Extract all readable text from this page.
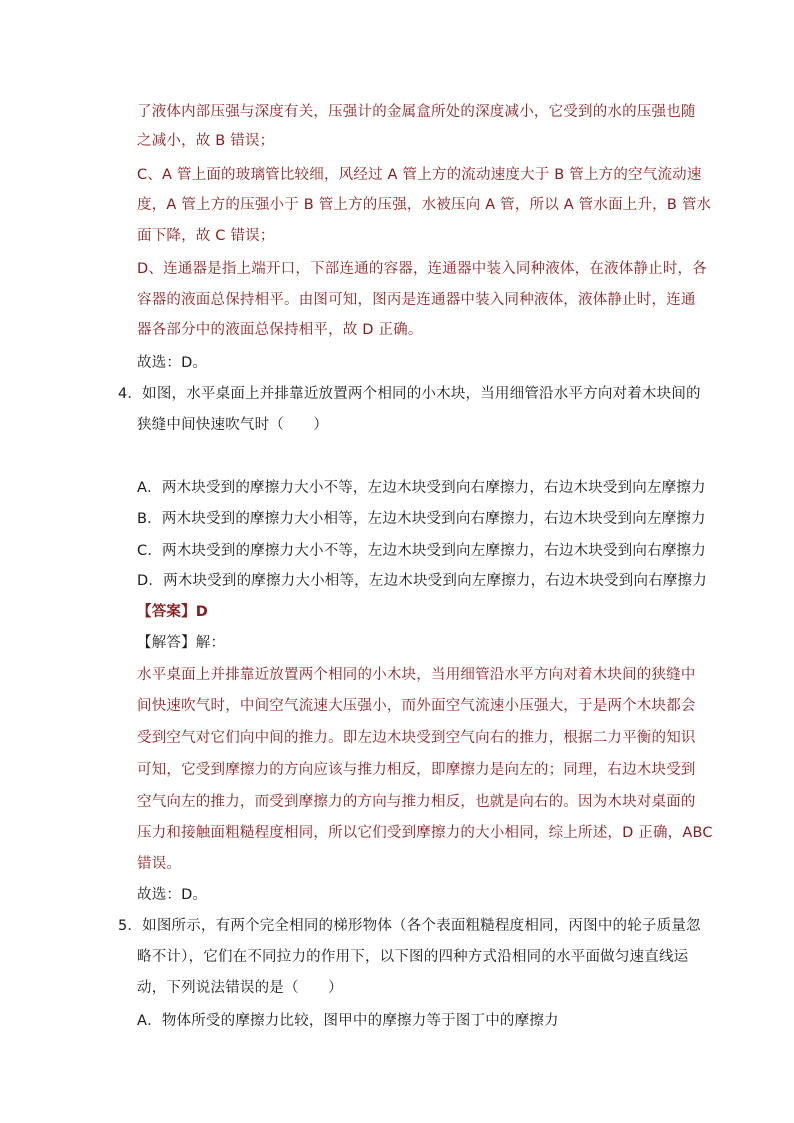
了液体内部压强与深度有关，压强计的金属盒所处的深度减小，它受到的水的压强也随
之减小，故 B 错误；
C、A 管上面的玻璃管比较细，风经过 A 管上方的流动速度大于 B 管上方的空气流动速
度，A 管上方的压强小于 B 管上方的压强，水被压向 A 管，所以 A 管水面上升，B 管水
面下降，故 C 错误；
D、连通器是指上端开口，下部连通的容器，连通器中装入同种液体，在液体静止时，各
容器的液面总保持相平。由图可知，图丙是连通器中装入同种液体，液体静止时，连通
器各部分中的液面总保持相平，故 D 正确。
故选：D。
4．如图，水平桌面上并排靠近放置两个相同的小木块，当用细管沿水平方向对着木块间的
狭缝中间快速吹气时（　　）
A．两木块受到的摩擦力大小不等，左边木块受到向右摩擦力，右边木块受到向左摩擦力
B．两木块受到的摩擦力大小相等，左边木块受到向右摩擦力，右边木块受到向左摩擦力
C．两木块受到的摩擦力大小不等，左边木块受到向左摩擦力，右边木块受到向右摩擦力
D．两木块受到的摩擦力大小相等，左边木块受到向左摩擦力，右边木块受到向右摩擦力
【答案】D
【解答】解：
水平桌面上并排靠近放置两个相同的小木块，当用细管沿水平方向对着木块间的狭缝中
间快速吹气时，中间空气流速大压强小，而外面空气流速小压强大，于是两个木块都会
受到空气对它们向中间的推力。即左边木块受到空气向右的推力，根据二力平衡的知识
可知，它受到摩擦力的方向应该与推力相反，即摩擦力是向左的；同理，右边木块受到
空气向左的推力，而受到摩擦力的方向与推力相反，也就是向右的。因为木块对桌面的
压力和接触面粗糙程度相同，所以它们受到摩擦力的大小相同，综上所述，D 正确，ABC
错误。
故选：D。
5．如图所示，有两个完全相同的梯形物体（各个表面粗糙程度相同，丙图中的轮子质量忽
略不计），它们在不同拉力的作用下，以下图的四种方式沿相同的水平面做匀速直线运
动，下列说法错误的是（　　）
A．物体所受的摩擦力比较，图甲中的摩擦力等于图丁中的摩擦力
